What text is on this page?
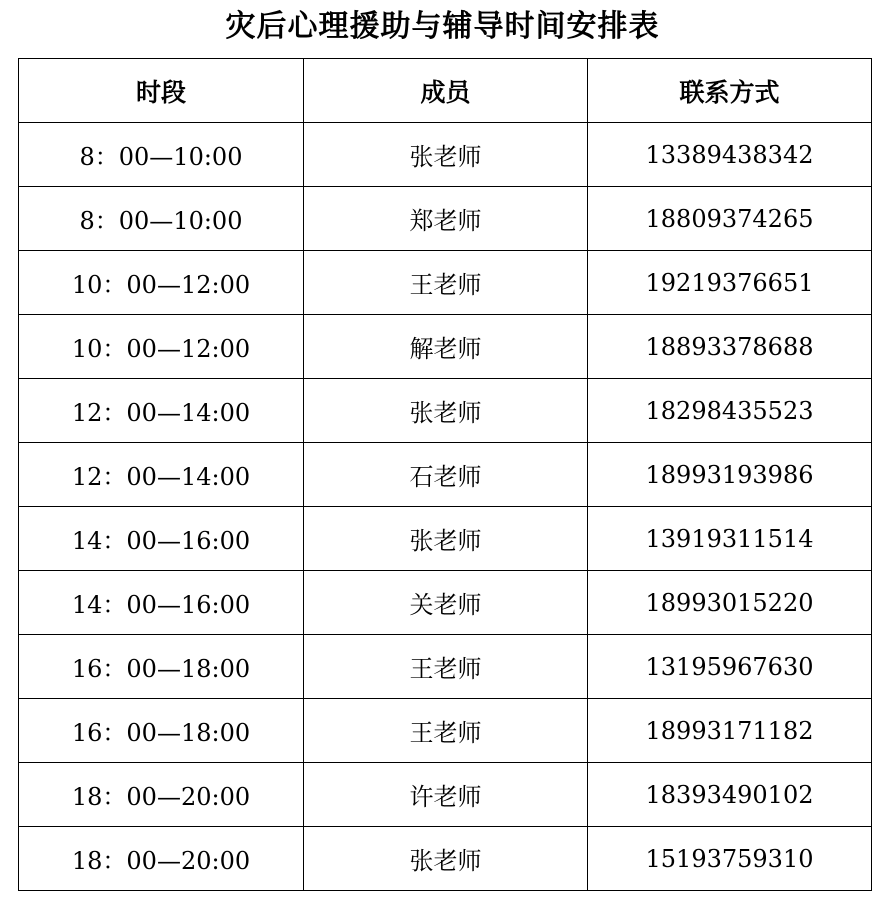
灾后心理援助与辅导时间安排表
时段	成员	联系方式
8：00—10:00	张老师	13389438342
8：00—10:00	郑老师	18809374265
10：00—12:00	王老师	19219376651
10：00—12:00	解老师	18893378688
12：00—14:00	张老师	18298435523
12：00—14:00	石老师	18993193986
14：00—16:00	张老师	13919311514
14：00—16:00	关老师	18993015220
16：00—18:00	王老师	13195967630
16：00—18:00	王老师	18993171182
18：00—20:00	许老师	18393490102
18：00—20:00	张老师	15193759310
